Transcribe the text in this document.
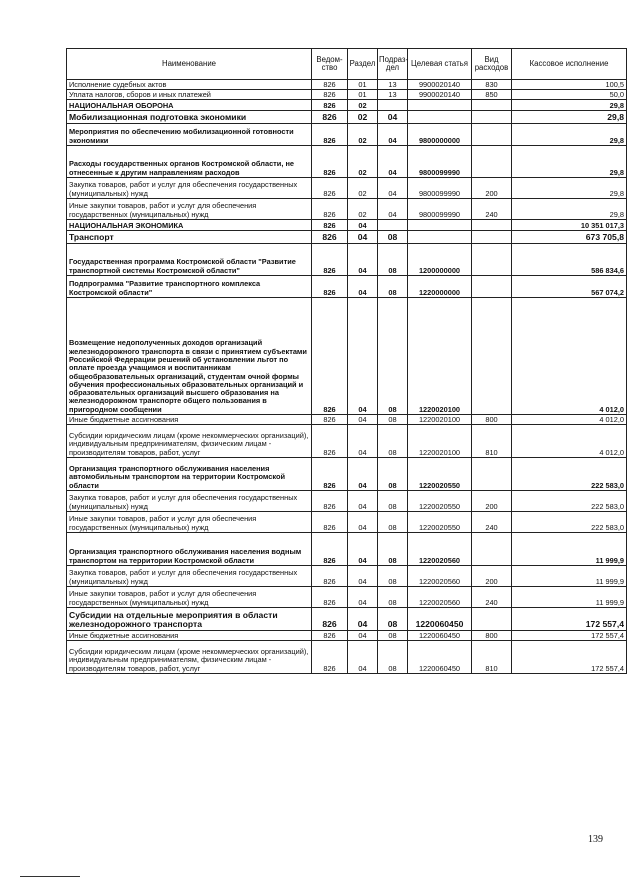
Наименование	Ведом-ство	Раздел	Подраз-дел	Целевая статья	Вид расходов	Кассовое исполнение
Исполнение судебных актов	826	01	13	9900020140	830	100,5
Уплата налогов, сборов и иных платежей	826	01	13	9900020140	850	50,0
НАЦИОНАЛЬНАЯ ОБОРОНА	826	02				29,8
Мобилизационная подготовка экономики	826	02	04			29,8
Мероприятия по обеспечению мобилизационной готовности экономики	826	02	04	9800000000		29,8
Расходы государственных органов Костромской области, не отнесенные к другим направлениям расходов	826	02	04	9800099990		29,8
Закупка товаров, работ и услуг для обеспечения государственных (муниципальных) нужд	826	02	04	9800099990	200	29,8
Иные закупки товаров, работ и услуг для обеспечения государственных (муниципальных) нужд	826	02	04	9800099990	240	29,8
НАЦИОНАЛЬНАЯ ЭКОНОМИКА	826	04				10 351 017,3
Транспорт	826	04	08			673 705,8
Государственная программа Костромской области "Развитие транспортной системы Костромской области"	826	04	08	1200000000		586 834,6
Подпрограмма "Развитие транспортного комплекса Костромской области"	826	04	08	1220000000		567 074,2
Возмещение недополученных доходов организаций железнодорожного транспорта в связи с принятием субъектами Российской Федерации решений об установлении льгот по оплате проезда учащимся и воспитанникам общеобразовательных организаций, студентам очной формы обучения профессиональных образовательных организаций и образовательных организаций высшего образования на железнодорожном транспорте общего пользования в пригородном сообщении	826	04	08	1220020100		4 012,0
Иные бюджетные ассигнования	826	04	08	1220020100	800	4 012,0
Субсидии юридическим лицам (кроме некоммерческих организаций), индивидуальным предпринимателям, физическим лицам - производителям товаров, работ, услуг	826	04	08	1220020100	810	4 012,0
Организация транспортного обслуживания населения автомобильным транспортом на территории Костромской области	826	04	08	1220020550		222 583,0
Закупка товаров, работ и услуг для обеспечения государственных (муниципальных) нужд	826	04	08	1220020550	200	222 583,0
Иные закупки товаров, работ и услуг для обеспечения государственных (муниципальных) нужд	826	04	08	1220020550	240	222 583,0
Организация транспортного обслуживания населения водным транспортом на территории Костромской области	826	04	08	1220020560		11 999,9
Закупка товаров, работ и услуг для обеспечения государственных (муниципальных) нужд	826	04	08	1220020560	200	11 999,9
Иные закупки товаров, работ и услуг для обеспечения государственных (муниципальных) нужд	826	04	08	1220020560	240	11 999,9
Субсидии на отдельные мероприятия в области железнодорожного транспорта	826	04	08	1220060450		172 557,4
Иные бюджетные ассигнования	826	04	08	1220060450	800	172 557,4
Субсидии юридическим лицам (кроме некоммерческих организаций), индивидуальным предпринимателям, физическим лицам - производителям товаров, работ, услуг	826	04	08	1220060450	810	172 557,4
139
